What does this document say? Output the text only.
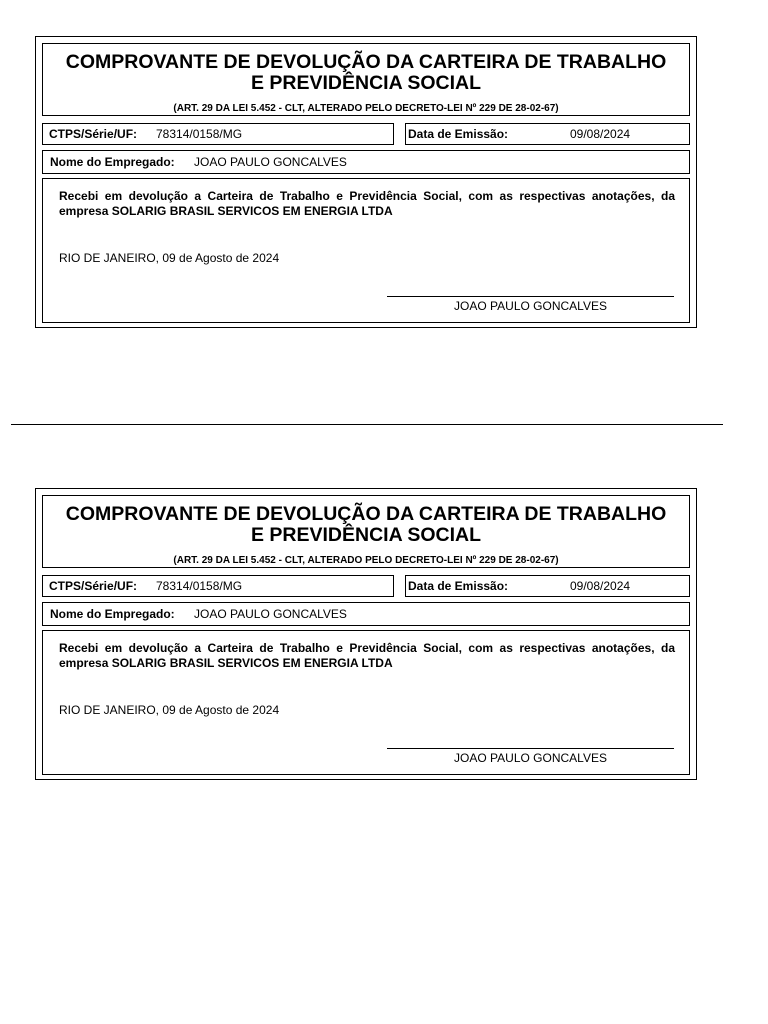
COMPROVANTE DE DEVOLUÇÃO DA CARTEIRA DE TRABALHO
E PREVIDÊNCIA SOCIAL
(ART. 29 DA LEI 5.452 - CLT, ALTERADO PELO DECRETO-LEI Nº 229 DE 28-02-67)
CTPS/Série/UF: 78314/0158/MG	Data de Emissão:	09/08/2024
Nome do Empregado: JOAO PAULO GONCALVES
Recebi em devolução a Carteira de Trabalho e Previdência Social, com as respectivas anotações, da empresa SOLARIG BRASIL SERVICOS EM ENERGIA LTDA
RIO DE JANEIRO, 09 de Agosto de 2024
JOAO PAULO GONCALVES
COMPROVANTE DE DEVOLUÇÃO DA CARTEIRA DE TRABALHO
E PREVIDÊNCIA SOCIAL
(ART. 29 DA LEI 5.452 - CLT, ALTERADO PELO DECRETO-LEI Nº 229 DE 28-02-67)
CTPS/Série/UF: 78314/0158/MG	Data de Emissão:	09/08/2024
Nome do Empregado: JOAO PAULO GONCALVES
Recebi em devolução a Carteira de Trabalho e Previdência Social, com as respectivas anotações, da empresa SOLARIG BRASIL SERVICOS EM ENERGIA LTDA
RIO DE JANEIRO, 09 de Agosto de 2024
JOAO PAULO GONCALVES
